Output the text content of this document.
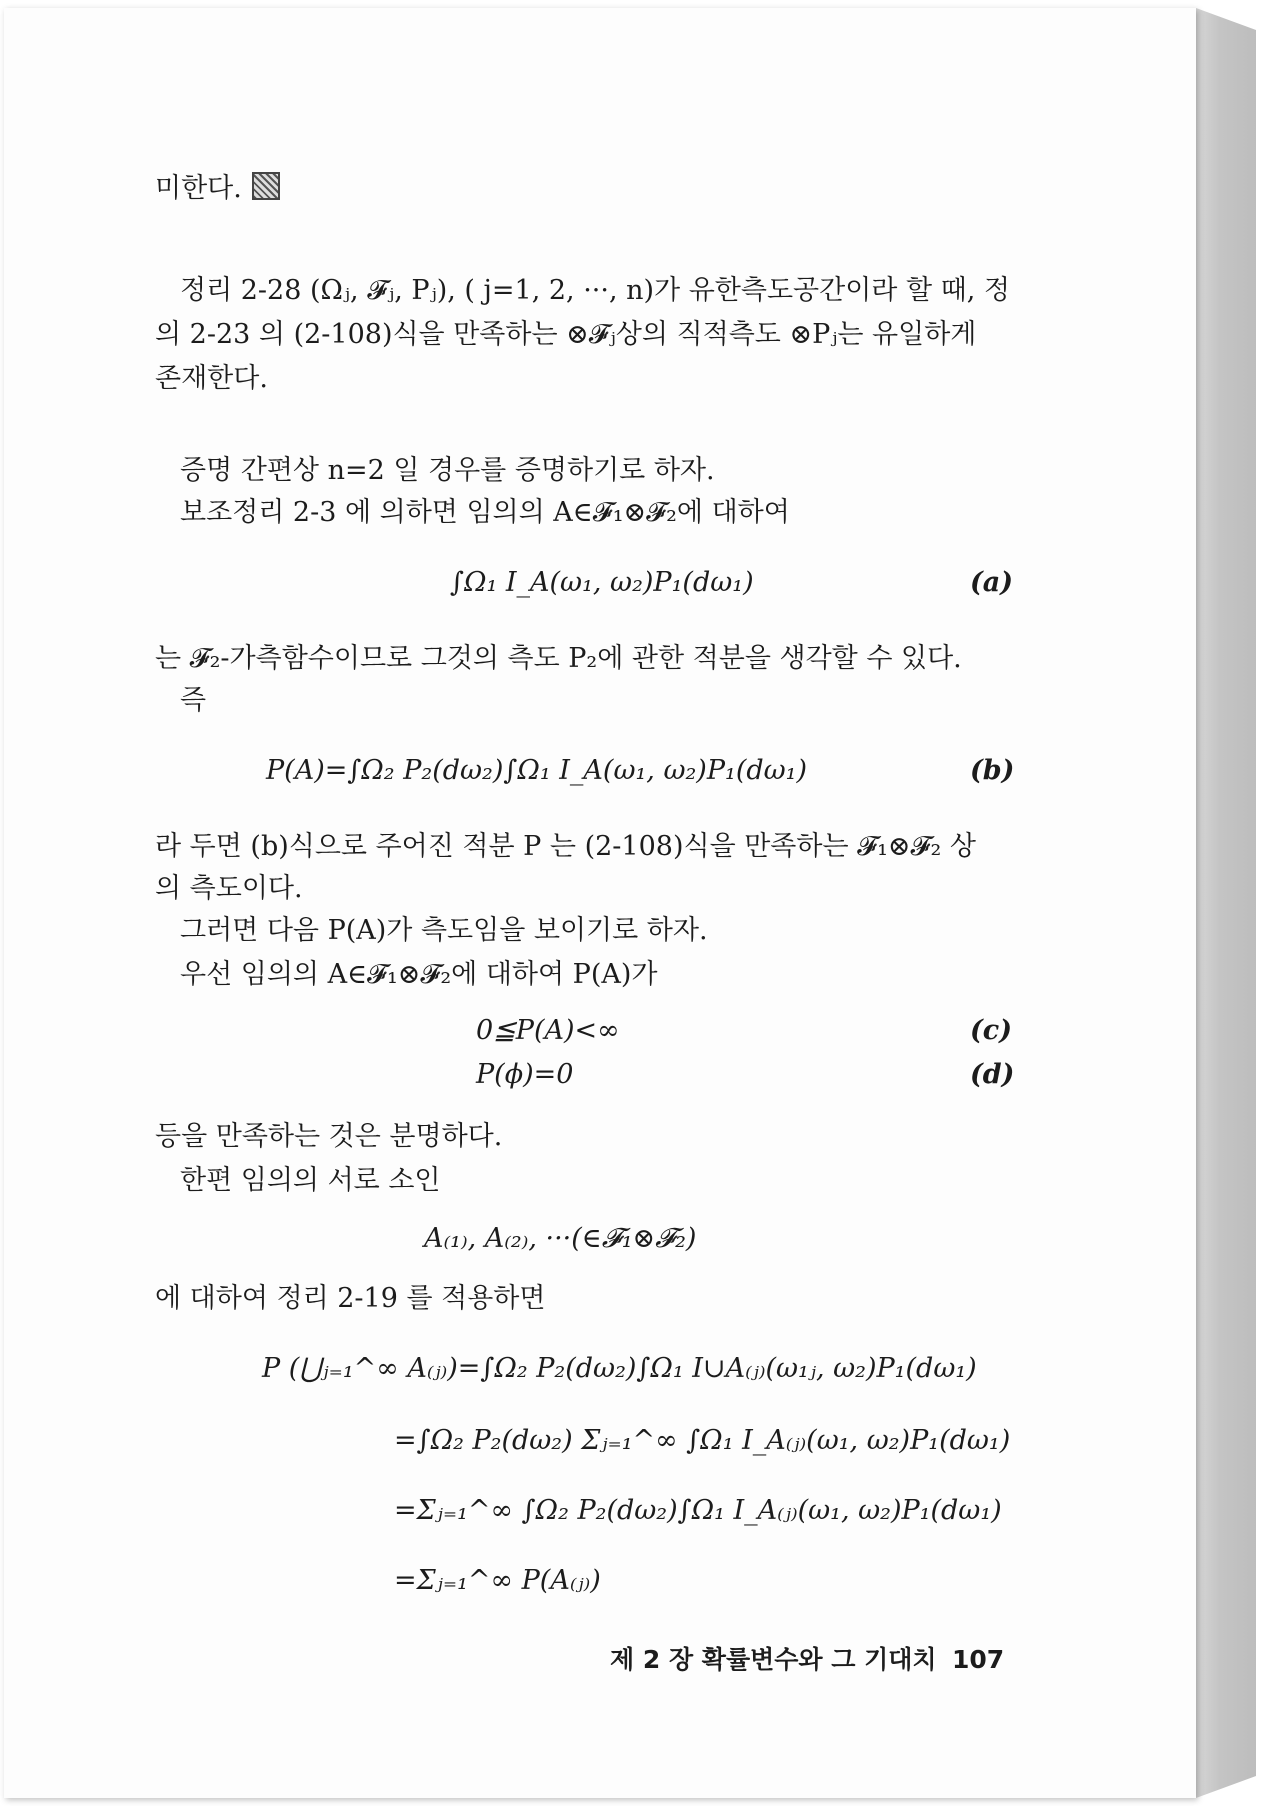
미한다.
정리 2-28 (Ωⱼ, 𝓕ⱼ, Pⱼ), ( j=1, 2, ···, n)가 유한측도공간이라 할 때, 정
의 2-23 의 (2-108)식을 만족하는 ⊗𝓕ⱼ상의 직적측도 ⊗Pⱼ는 유일하게
존재한다.
증명 간편상 n=2 일 경우를 증명하기로 하자.
보조정리 2-3 에 의하면 임의의 A∈𝓕₁⊗𝓕₂에 대하여
∫Ω₁ I_A(ω₁, ω₂)P₁(dω₁)	(a)
는 𝓕₂-가측함수이므로 그것의 측도 P₂에 관한 적분을 생각할 수 있다.
즉
P(A)=∫Ω₂ P₂(dω₂)∫Ω₁ I_A(ω₁, ω₂)P₁(dω₁)	(b)
라 두면 (b)식으로 주어진 적분 P 는 (2-108)식을 만족하는 𝓕₁⊗𝓕₂ 상
의 측도이다.
그러면 다음 P(A)가 측도임을 보이기로 하자.
우선 임의의 A∈𝓕₁⊗𝓕₂에 대하여 P(A)가
0≦P(A)<∞	(c)
P(ϕ)=0	(d)
등을 만족하는 것은 분명하다.
한편 임의의 서로 소인
A₍₁₎, A₍₂₎, ···(∈𝓕₁⊗𝓕₂)
에 대하여 정리 2-19 를 적용하면
P (⋃ⱼ₌₁^∞ A₍ⱼ₎)=∫Ω₂ P₂(dω₂)∫Ω₁ I∪A₍ⱼ₎(ω₁ⱼ, ω₂)P₁(dω₁)
=∫Ω₂ P₂(dω₂) Σⱼ₌₁^∞ ∫Ω₁ I_A₍ⱼ₎(ω₁, ω₂)P₁(dω₁)
=Σⱼ₌₁^∞ ∫Ω₂ P₂(dω₂)∫Ω₁ I_A₍ⱼ₎(ω₁, ω₂)P₁(dω₁)
=Σⱼ₌₁^∞ P(A₍ⱼ₎)
제 2 장 확률변수와 그 기대치 107
